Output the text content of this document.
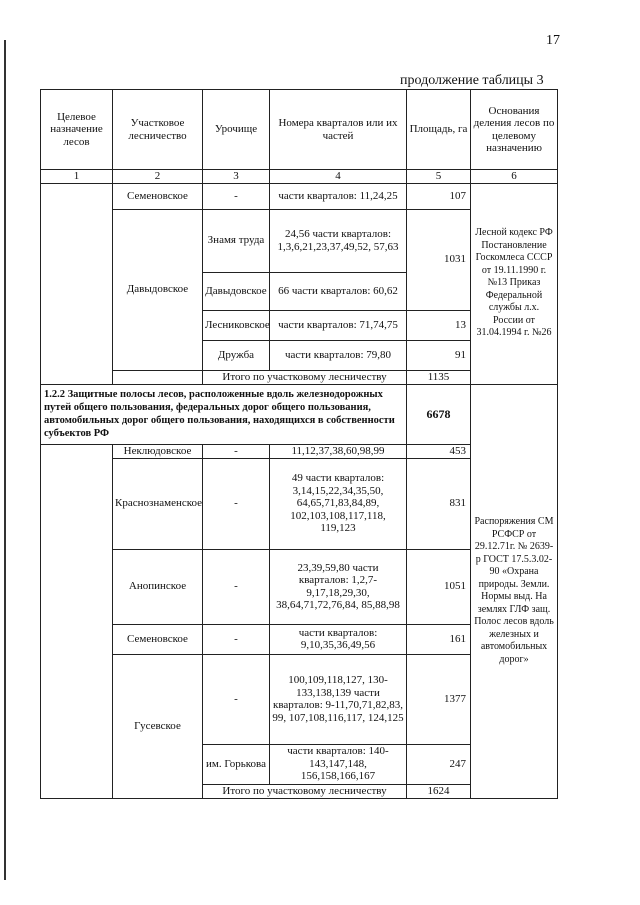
17
продолжение таблицы 3
Целевое назначение лесов	Участковое лесничество	Урочище	Номера кварталов или их частей	Площадь, га	Основания деления лесов по целевому назначению
1	2	3	4	5	6
	Семеновское	-	части кварталов: 11,24,25	107	Лесной кодекс РФ Постановление Госкомлеса СССР от 19.11.1990 г. №13 Приказ Федеральной службы л.х. России от 31.04.1994 г. №26
	Давыдовское	Знамя труда	24,56 части кварталов: 1,3,6,21,23,37,49,52, 57,63	1031	
		Давыдовское	66 части кварталов: 60,62		
		Лесниковское	части кварталов: 71,74,75	13	
		Дружба	части кварталов: 79,80	91	
		Итого по участковому лесничеству		1135	
1.2.2 Защитные полосы лесов, расположенные вдоль железнодорожных путей общего пользования, федеральных дорог общего пользования, автомобильных дорог общего пользования, находящихся в собственности субъектов РФ				6678	Распоряжения СМ РСФСР от 29.12.71г. № 2639-р ГОСТ 17.5.3.02-90 «Охрана природы. Земли. Нормы выд. На землях ГЛФ защ. Полос лесов вдоль железных и автомобильных дорог»
	Неклюдовское	-	11,12,37,38,60,98,99	453	
	Краснознаменское	-	49 части кварталов: 3,14,15,22,34,35,50, 64,65,71,83,84,89, 102,103,108,117,118, 119,123	831	
	Анопинское	-	23,39,59,80 части кварталов: 1,2,7-9,17,18,29,30, 38,64,71,72,76,84, 85,88,98	1051	
	Семеновское	-	части кварталов: 9,10,35,36,49,56	161	
	Гусевское	-	100,109,118,127, 130-133,138,139 части кварталов: 9-11,70,71,82,83, 99, 107,108,116,117, 124,125	1377	
		им. Горькова	части кварталов: 140-143,147,148, 156,158,166,167	247	
		Итого по участковому лесничеству		1624	
